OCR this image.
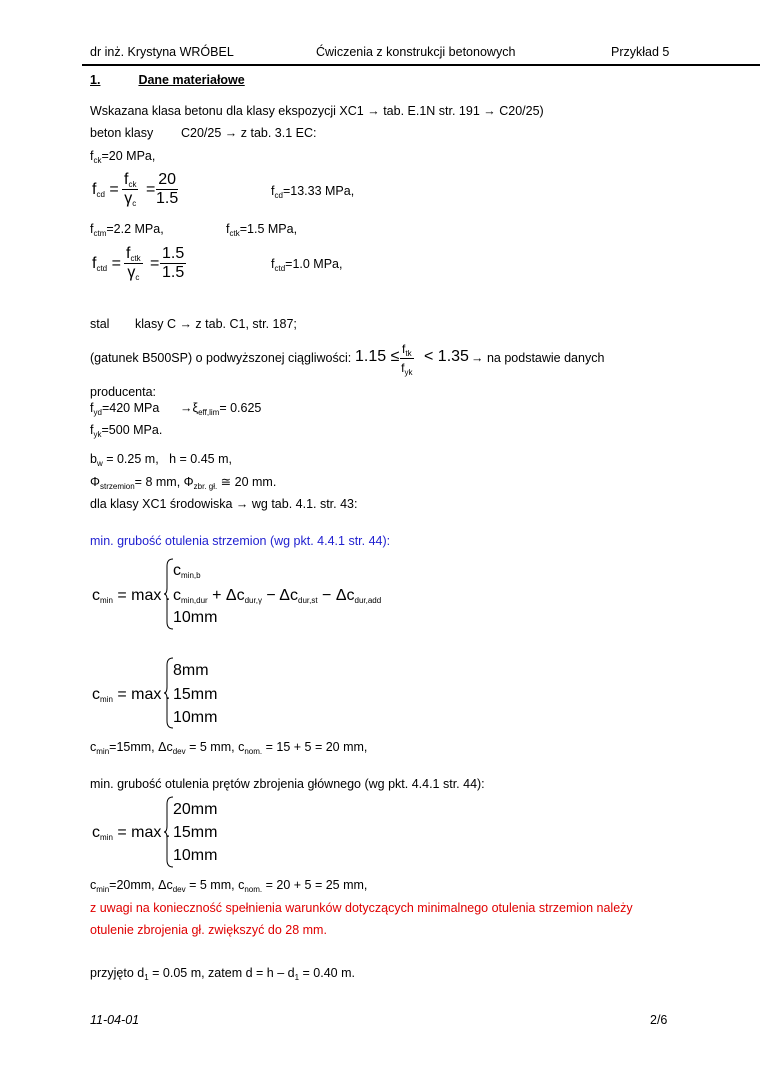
dr inż. Krystyna WRÓBEL	Ćwiczenia z konstrukcji betonowych	Przykład 5
1.	Dane materiałowe
Wskazana klasa betonu dla klasy ekspozycji XC1 → tab. E.1N str. 191 → C20/25)
beton klasy C20/25 → z tab. 3.1 EC:
$f_{ck}=20$ MPa,
$f_{cd}$ =
$f_{ck}$
$\gamma_c$
= $\frac{20}{1.5}$	$f_{cd}=13.33$ MPa,
$f_{ctm}=2.2$ MPa,	$f_{ctk}=1.5$ MPa,
$f_{ctd}$ =
$f_{ctk}$
$\gamma_c$
= $\frac{1.5}{1.5}$	$f_{ctd}=1.0$ MPa,
stal klasy C → z tab. C1, str. 187;
(gatunek B500SP) o podwyższonej ciągliwości: $1.15 \le f_{tk}$
$f_{yk}$
< 1.35 → na podstawie danych
producenta:
$f_{yd}=420$ MPa $\to\xi_{eff,lim}= 0.625$
$f_{yk}=500$ MPa.
$b_w = 0.25$ m,   h = 0.45 m,
$\Phi_{strzemion}= 8$ mm, $\Phi_{zbr. gł.}$ ≅ 20 mm.
dla klasy XC1 środowiska → wg tab. 4.1. str. 43:
min. grubość otulenia strzemion (wg pkt. 4.4.1 str. 44):
$c_{min} = \max$ .
$c_{min,b}$
$c_{min,dur} + \Delta c_{dur,\gamma} - \Delta c_{dur,st} - \Delta c_{dur,add}$
10mm
$c_{min} = \max$ .
8mm
15mm
10mm
$c_{min}=15mm$, $\Delta c_{dev} = 5$ mm, $c_{nom.} = 15 + 5 = 20$ mm,
min. grubość otulenia prętów zbrojenia głównego (wg pkt. 4.4.1 str. 44):
$c_{min} = \max$ .
20mm
15mm
10mm
$c_{min}=20mm$, $\Delta c_{dev} = 5$ mm, $c_{nom.} = 20 + 5 = 25$ mm,
z uwagi na konieczność spełnienia warunków dotyczących minimalnego otulenia strzemion należy
otulenie zbrojenia gł. zwiększyć do 28 mm.
przyjęto $d_1 = 0.05$ m, zatem $d = h - d_1 = 0.40$ m.
11-04-01	2/6
